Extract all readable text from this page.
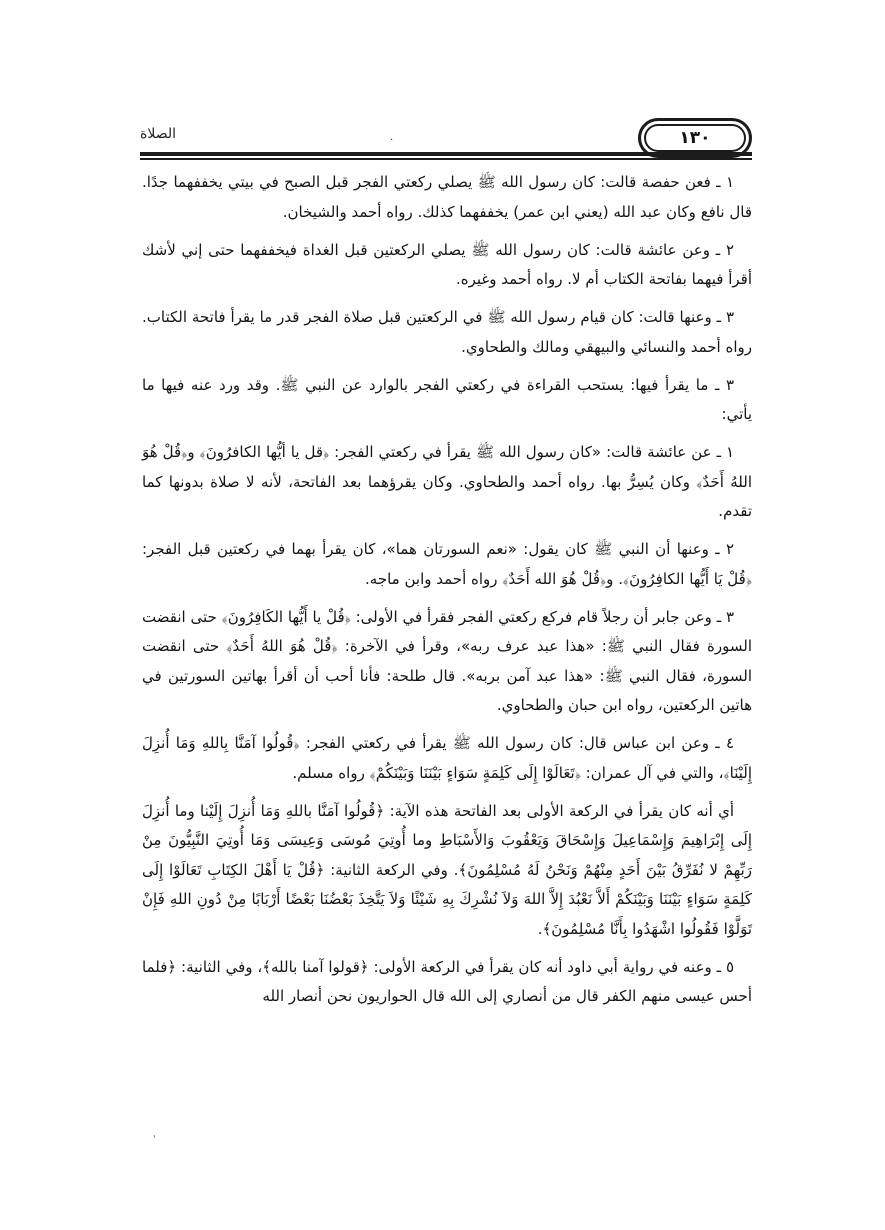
١٣٠
.
الصلاة

١ ـ فعن حفصة قالت: كان رسول الله ﷺ يصلي ركعتي الفجر قبل الصبح في بيتي يخففهما جدًا. قال نافع وكان عبد الله (يعني ابن عمر) يخففهما كذلك. رواه أحمد والشيخان.

٢ ـ وعن عائشة قالت: كان رسول الله ﷺ يصلي الركعتين قبل الغداة فيخففهما حتى إني لأشك أقرأ فيهما بفاتحة الكتاب أم لا. رواه أحمد وغيره.

٣ ـ وعنها قالت: كان قيام رسول الله ﷺ في الركعتين قبل صلاة الفجر قدر ما يقرأ فاتحة الكتاب. رواه أحمد والنسائي والبيهقي ومالك والطحاوي.

٣ ـ ما يقرأ فيها: يستحب القراءة في ركعتي الفجر بالوارد عن النبي ﷺ. وقد ورد عنه فيها ما يأتي:

١ ـ عن عائشة قالت: «كان رسول الله ﷺ يقرأ في ركعتي الفجر: ﴿قل يا أيُّها الكافرُونَ﴾ و﴿قُلْ هُوَ اللهُ أَحَدٌ﴾ وكان يُسِرُّ بها. رواه أحمد والطحاوي. وكان يقرؤهما بعد الفاتحة، لأنه لا صلاة بدونها كما تقدم.

٢ ـ وعنها أن النبي ﷺ كان يقول: «نعم السورتان هما»، كان يقرأ بهما في ركعتين قبل الفجر: ﴿قُلْ يَا أَيُّها الكافِرُونَ﴾. و﴿قُلْ هُوَ الله أَحَدٌ﴾ رواه أحمد وابن ماجه.

٣ ـ وعن جابر أن رجلاً قام فركع ركعتي الفجر فقرأ في الأولى: ﴿قُلْ يا أَيُّها الكَافِرُونَ﴾ حتى انقضت السورة فقال النبي ﷺ: «هذا عبد عرف ربه»، وقرأ في الآخرة: ﴿قُلْ هُوَ اللهُ أَحَدٌ﴾ حتى انقضت السورة، فقال النبي ﷺ: «هذا عبد آمن بربه». قال طلحة: فأنا أحب أن أقرأ بهاتين السورتين في هاتين الركعتين، رواه ابن حبان والطحاوي.

٤ ـ وعن ابن عباس قال: كان رسول الله ﷺ يقرأ في ركعتي الفجر: ﴿قُولُوا آمَنَّا بِاللهِ وَمَا أُنزِلَ إِلَيْنَا﴾، والتي في آل عمران: ﴿تَعَالَوْا إِلَى كَلِمَةٍ سَوَاءٍ بَيْنَنَا وَبَيْنَكُمْ﴾ رواه مسلم.

أي أنه كان يقرأ في الركعة الأولى بعد الفاتحة هذه الآية: ﴿قُولُوا آمَنَّا باللهِ وَمَا أُنزِلَ إِلَيْنا وما أُنزِلَ إِلَى إِبْرَاهِيمَ وَإِسْمَاعِيلَ وَإِسْحَاقَ وَيَعْقُوبَ وَالأَسْبَاطِ وما أُوتِيَ مُوسَى وَعِيسَى وَمَا أُوتِيَ النَّبِيُّونَ مِنْ رَبِّهِمْ لا نُفَرِّقُ بَيْنَ أَحَدٍ مِنْهُمْ وَنَحْنُ لَهُ مُسْلِمُونَ﴾. وفي الركعة الثانية: ﴿قُلْ يَا أَهْلَ الكِتَابِ تَعَالَوْا إِلَى كَلِمَةٍ سَوَاءٍ بَيْنَنَا وَبَيْنَكُمْ أَلاَّ نَعْبُدَ إِلاَّ اللهَ وَلاَ نُشْرِكَ بِهِ شَيْئًا وَلاَ يَتَّخِذَ بَعْضُنَا بَعْضًا أَرْبَابًا مِنْ دُونِ اللهِ فَإِنْ تَوَلَّوْا فَقُولُوا اشْهَدُوا بِأَنَّا مُسْلِمُونَ﴾.

٥ ـ وعنه في رواية أبي داود أنه كان يقرأ في الركعة الأولى: ﴿قولوا آمنا بالله﴾، وفي الثانية: ﴿فلما أحس عيسى منهم الكفر قال من أنصاري إلى الله قال الحواريون نحن أنصار الله

'
